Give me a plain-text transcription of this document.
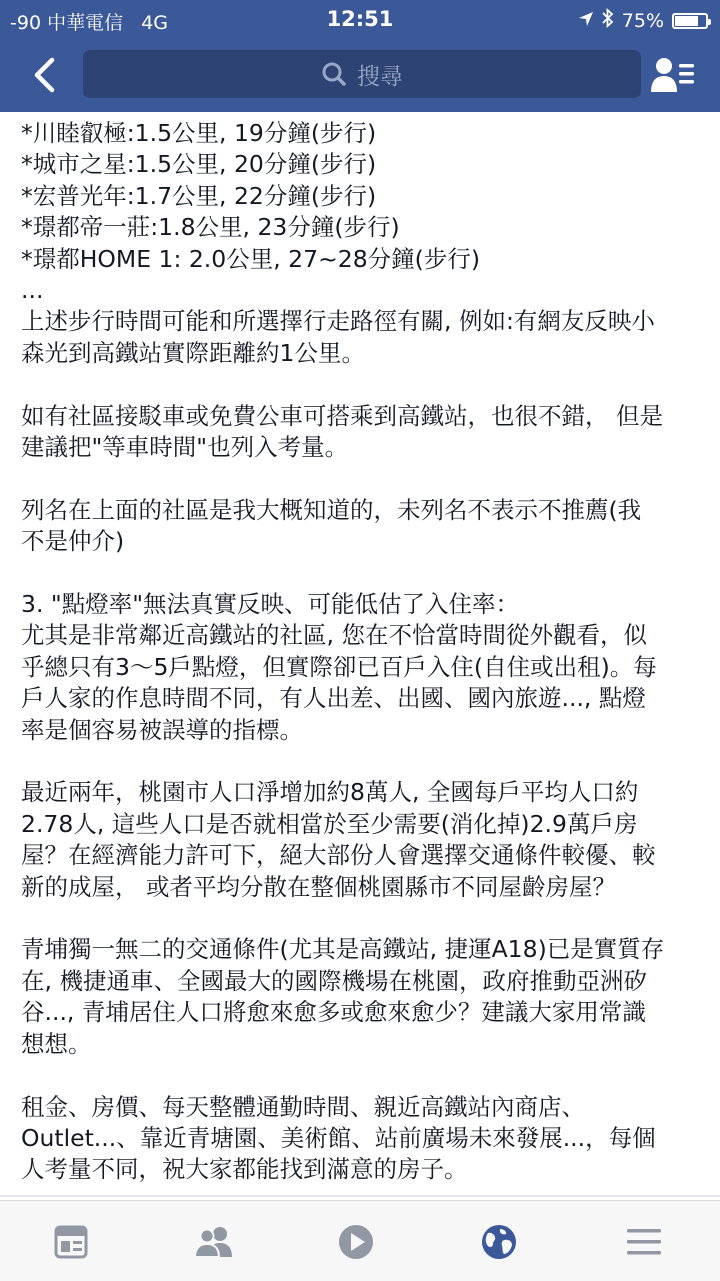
-90 中華電信 4G	12:51	75%
搜尋

*川睦叡極:1.5公里, 19分鐘(步行)

*城市之星:1.5公里, 20分鐘(步行)

*宏普光年:1.7公里, 22分鐘(步行)

*璟都帝一莊:1.8公里, 23分鐘(步行)

*璟都HOME 1: 2.0公里, 27~28分鐘(步行)

...

上述步行時間可能和所選擇行走路徑有關, 例如:有網友反映小

森光到高鐵站實際距離約1公里。

如有社區接駁車或免費公車可搭乘到高鐵站，也很不錯， 但是

建議把"等車時間"也列入考量。

列名在上面的社區是我大概知道的，未列名不表示不推薦(我

不是仲介)

3. "點燈率"無法真實反映、可能低估了入住率：

尤其是非常鄰近高鐵站的社區, 您在不恰當時間從外觀看，似

乎總只有3～5戶點燈，但實際卻已百戶入住(自住或出租)。每

戶人家的作息時間不同，有人出差、出國、國內旅遊..., 點燈

率是個容易被誤導的指標。

最近兩年，桃園市人口淨增加約8萬人, 全國每戶平均人口約

2.78人, 這些人口是否就相當於至少需要(消化掉)2.9萬戶房

屋？在經濟能力許可下，絕大部份人會選擇交通條件較優、較

新的成屋， 或者平均分散在整個桃園縣市不同屋齡房屋？

青埔獨一無二的交通條件(尤其是高鐵站, 捷運A18)已是實質存

在, 機捷通車、全國最大的國際機場在桃園，政府推動亞洲矽

谷..., 青埔居住人口將愈來愈多或愈來愈少？建議大家用常識

想想。

租金、房價、每天整體通勤時間、親近高鐵站內商店、

Outlet...、靠近青塘園、美術館、站前廣場未來發展...，每個

人考量不同，祝大家都能找到滿意的房子。
